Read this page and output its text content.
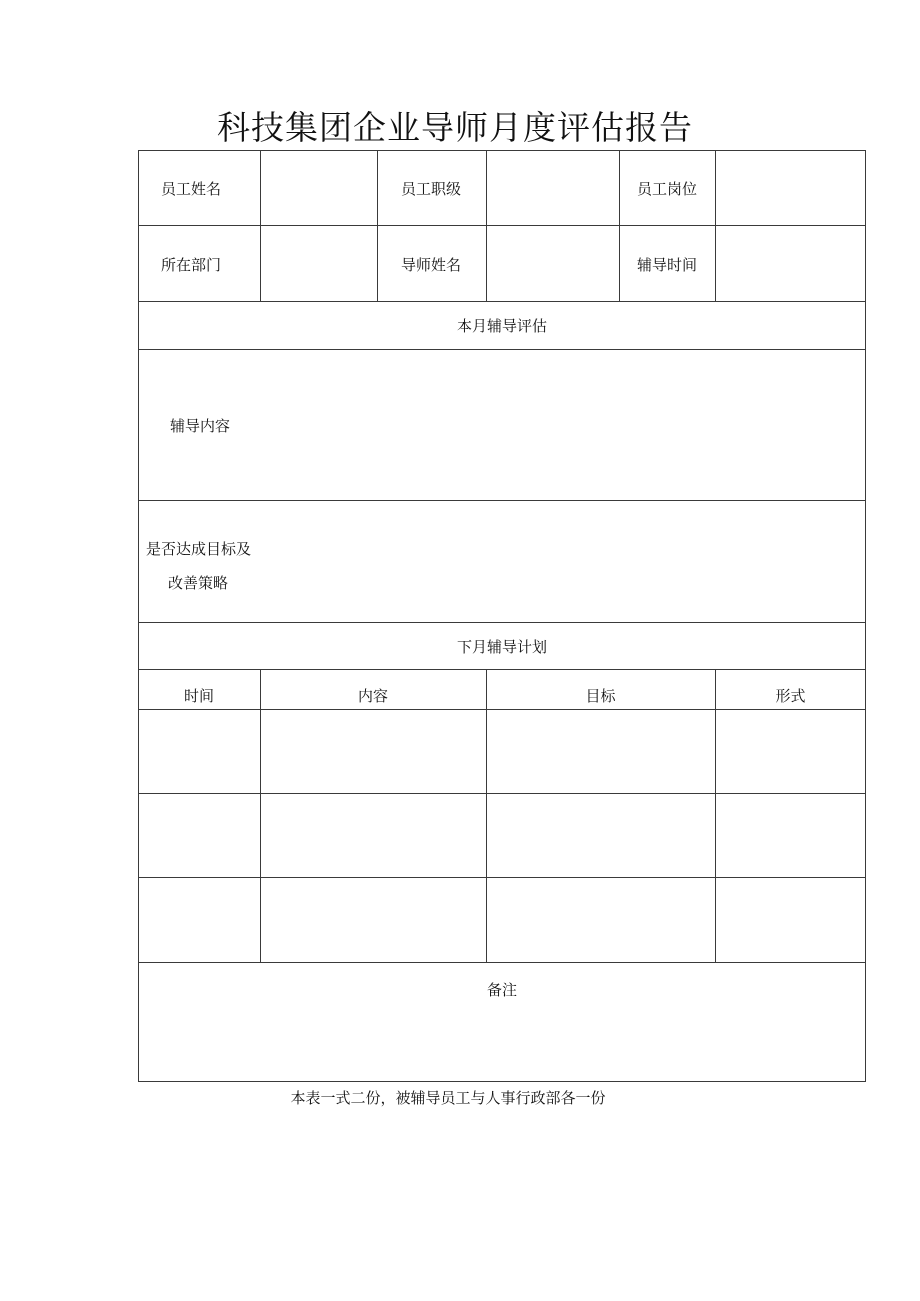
科技集团企业导师月度评估报告
员工姓名	员工职级	员工岗位
所在部门	导师姓名	辅导时间
本月辅导评估
辅导内容
是否达成目标及
改善策略
下月辅导计划
时间	内容	目标	形式
备注
本表一式二份，被辅导员工与人事行政部各一份
